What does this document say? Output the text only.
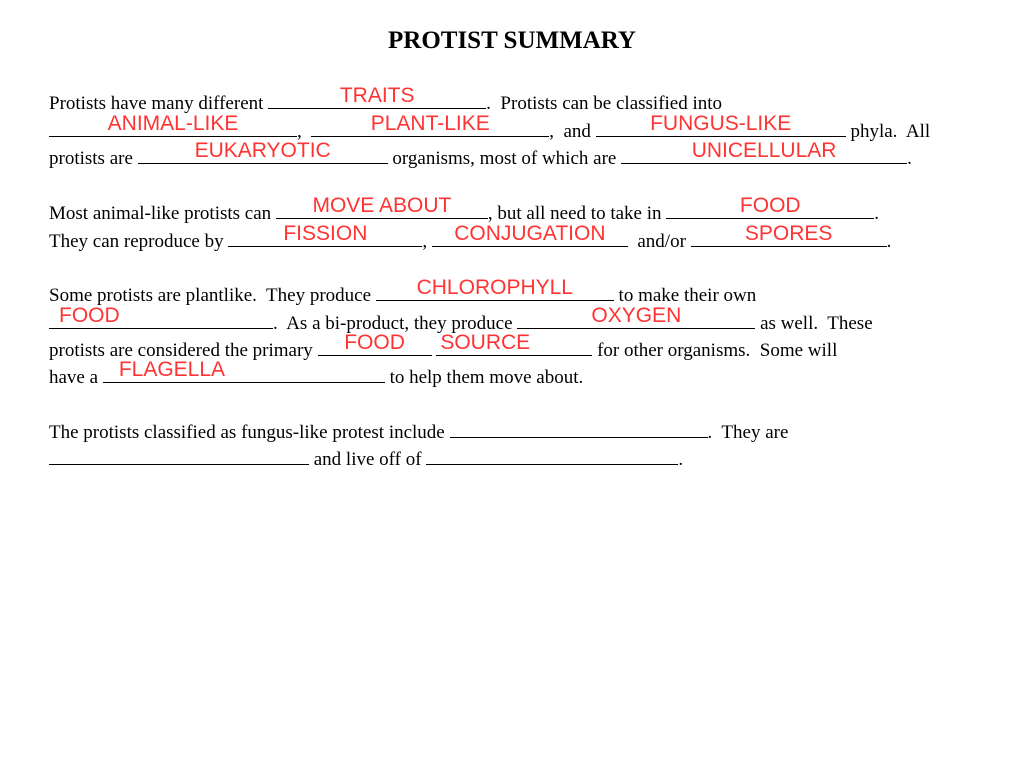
PROTIST SUMMARY

Protists have many different	TRAITS	.  Protists can be classified into

ANIMAL-LIKE	,	PLANT-LIKE	,  and	FUNGUS-LIKE	phyla.  All

protists are	EUKARYOTIC	organisms, most of which are	UNICELLULAR	.

Most animal-like protists can	MOVE ABOUT	, but all need to take in	FOOD	.

They can reproduce by	FISSION	,	CONJUGATION	and/or	SPORES	.

Some protists are plantlike.  They produce	CHLOROPHYLL	to make their own

FOOD	.  As a bi-product, they produce	OXYGEN	as well.  These

protists are considered the primary	FOOD
	SOURCE	for other organisms.  Some will

have a FLAGELLA	to help them move about.

The protists classified as fungus-like protest include	.  They are

and live off of	.
